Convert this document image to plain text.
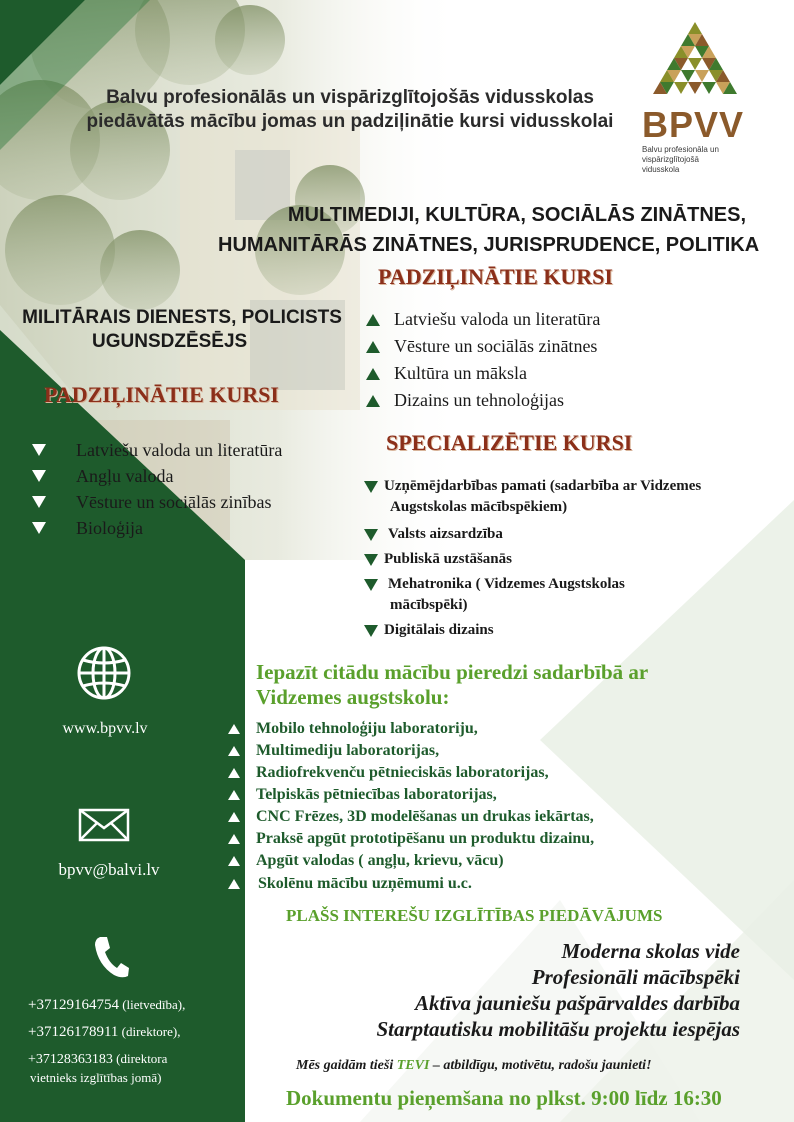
BPVV
Balvu profesionāla un
vispārizglītojošā
vidusskola
Balvu profesionālās un vispārizglītojošās vidusskolas
piedāvātās mācību jomas un padziļinātie kursi vidusskolai
MULTIMEDIJI, KULTŪRA, SOCIĀLĀS ZINĀTNES,
HUMANITĀRĀS ZINĀTNES, JURISPRUDENCE, POLITIKA
PADZIĻINĀTIE KURSI
Latviešu valoda un literatūra
Vēsture un sociālās zinātnes
Kultūra un māksla
Dizains un tehnoloģijas
MILITĀRAIS DIENESTS, POLICISTS
UGUNSDZĒSĒJS
PADZIĻINĀTIE KURSI
SPECIALIZĒTIE KURSI
Latviešu valoda un literatūra
Angļu valoda
Vēsture un sociālās zinības
Bioloģija
Uzņēmējdarbības pamati (sadarbība ar Vidzemes
Augstskolas mācībspēkiem)
Valsts aizsardzība
Publiskā uzstāšanās
Mehatronika ( Vidzemes Augstskolas
mācībspēki)
Digitālais dizains
www.bpvv.lv
bpvv@balvi.lv
+37129164754 (lietvedība),
+37126178911 (direktore),
+37128363183 (direktora
vietnieks izglītības jomā)
Iepazīt citādu mācību pieredzi sadarbībā ar
Vidzemes augstskolu:
Mobilo tehnoloģiju laboratoriju,
Multimediju laboratorijas,
Radiofrekvenču pētnieciskās laboratorijas,
Telpiskās pētniecības laboratorijas,
CNC Frēzes, 3D modelēšanas un drukas iekārtas,
Praksē apgūt prototipēšanu un produktu dizainu,
Apgūt valodas ( angļu, krievu, vācu)
Skolēnu mācību uzņēmumi u.c.
PLAŠS INTEREŠU IZGLĪTĪBAS PIEDĀVĀJUMS
Moderna skolas vide
Profesionāli mācībspēki
Aktīva jauniešu pašpārvaldes darbība
Starptautisku mobilitāšu projektu iespējas
Mēs gaidām tieši TEVI – atbildīgu, motivētu, radošu jaunieti!
Dokumentu pieņemšana no plkst. 9:00 līdz 16:30
